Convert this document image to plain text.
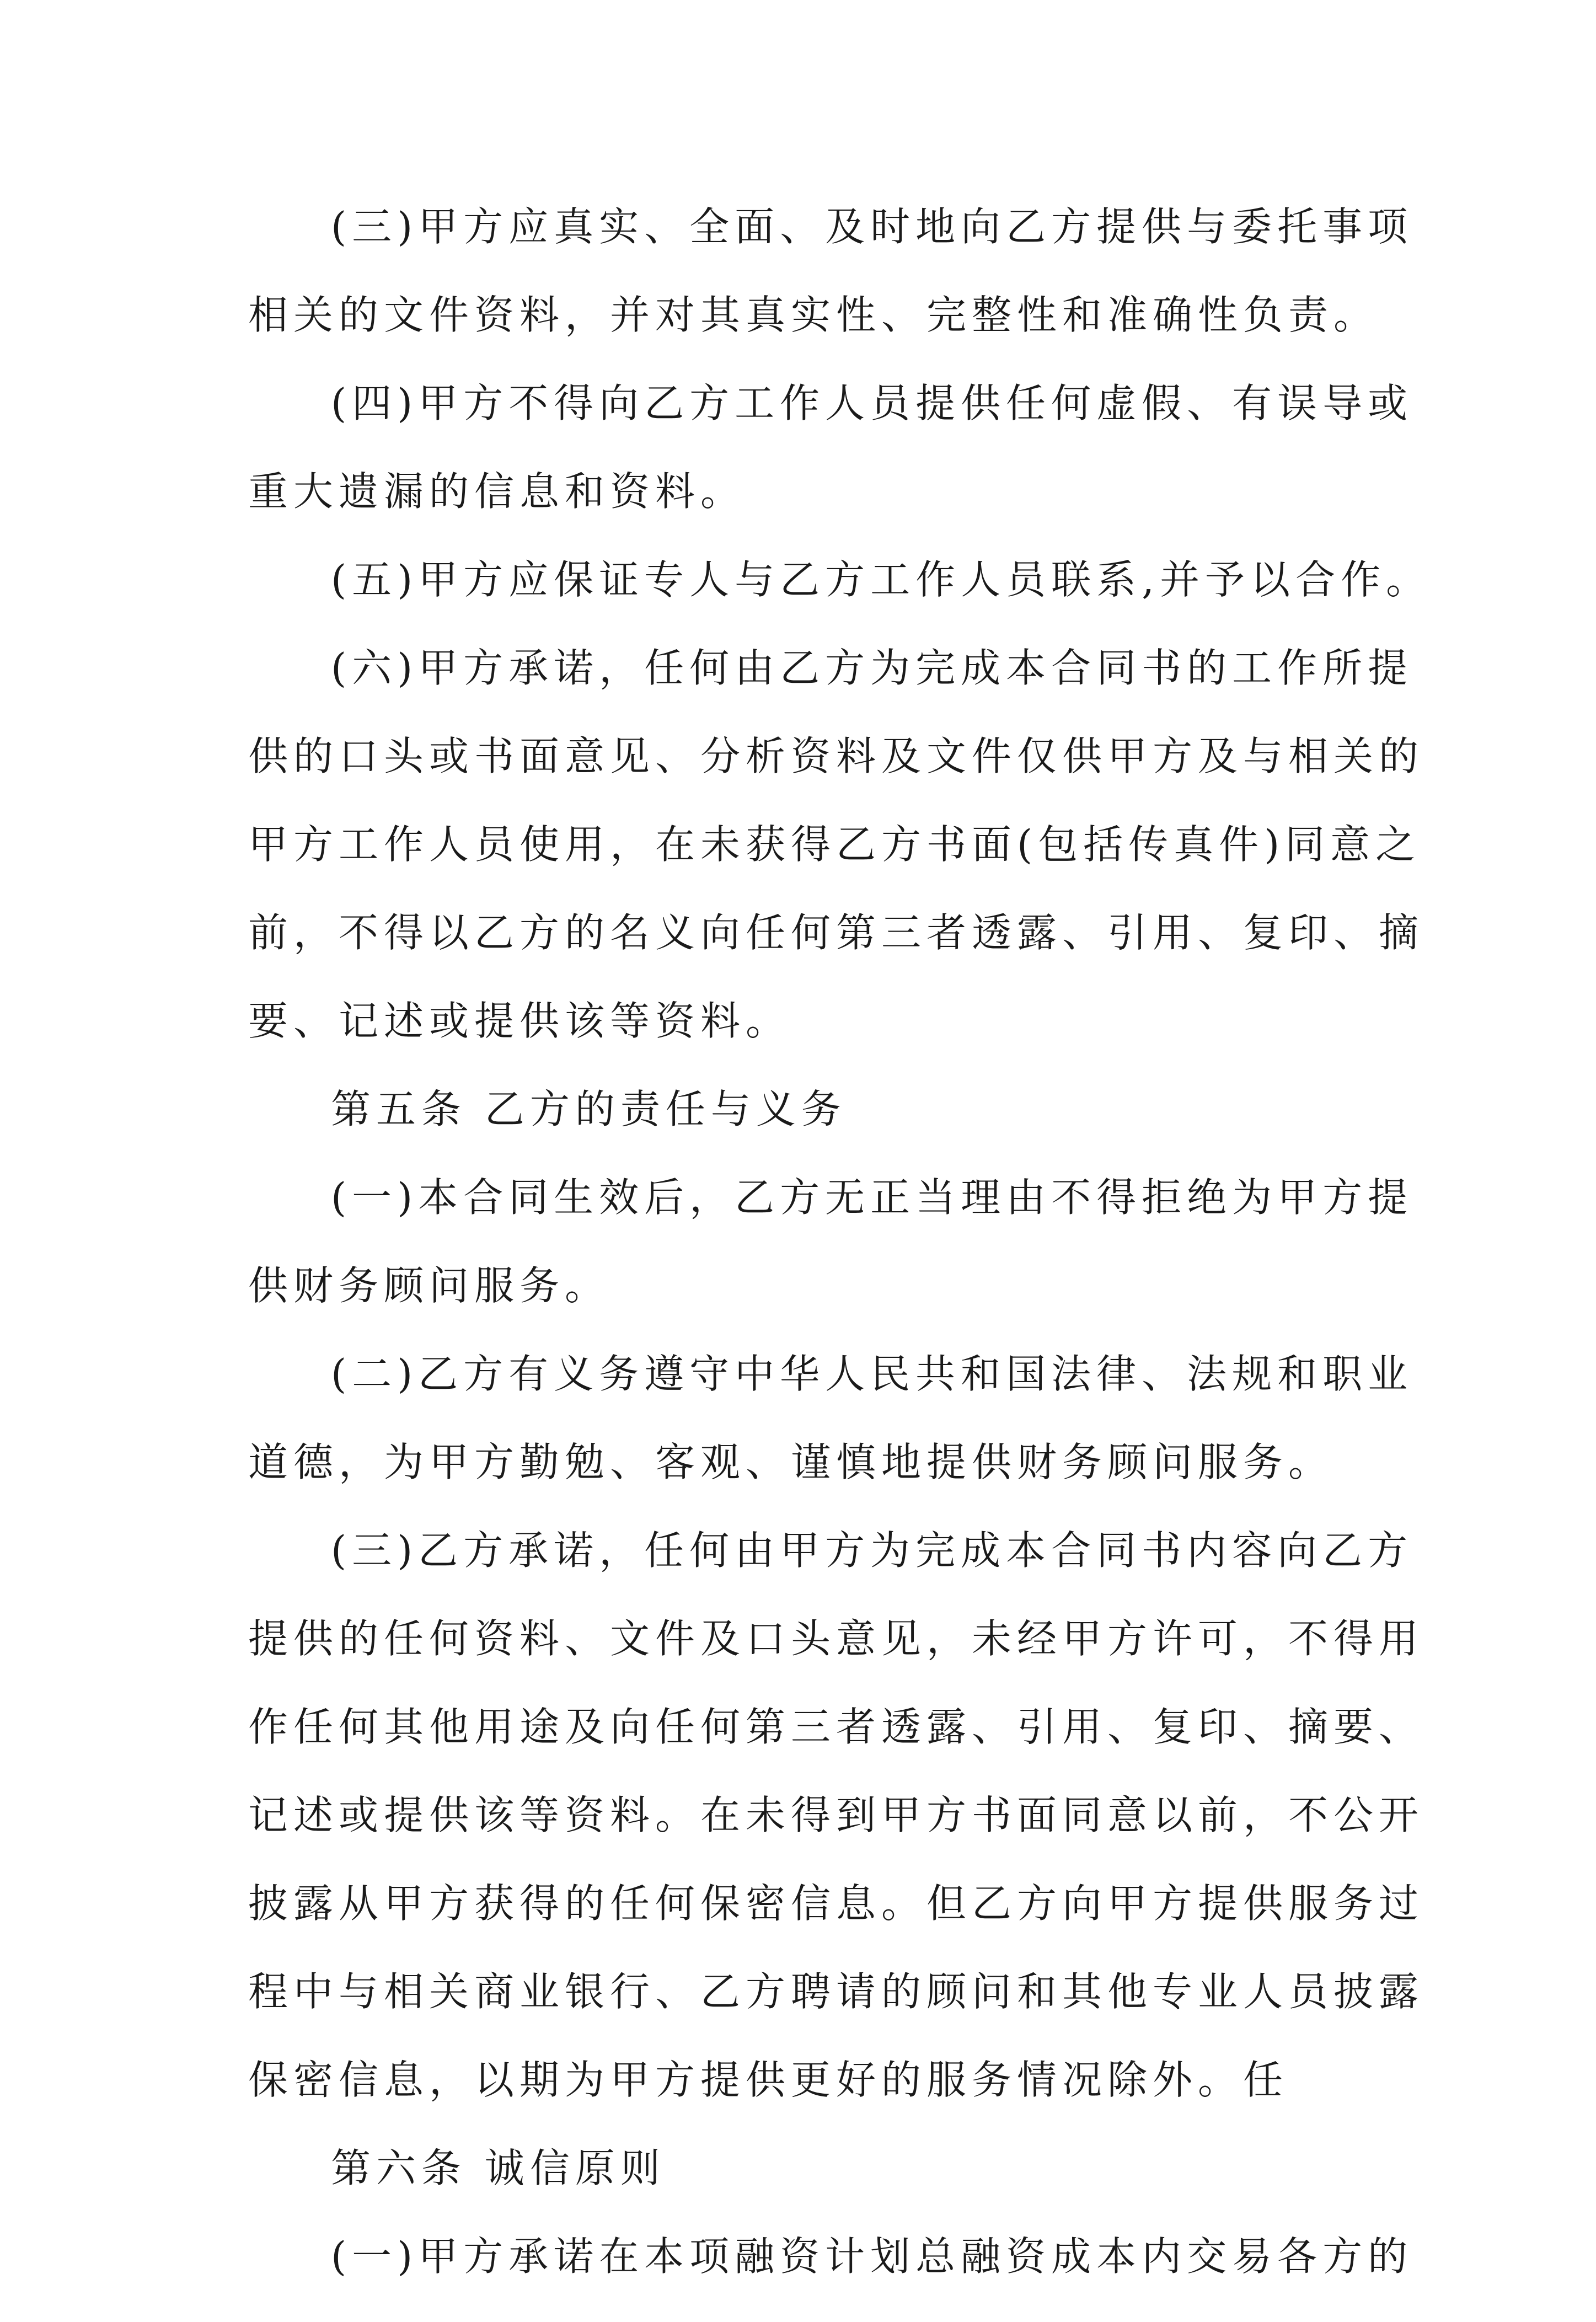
(三)甲方应真实、全面、及时地向乙方提供与委托事项
相关的文件资料，并对其真实性、完整性和准确性负责。
(四)甲方不得向乙方工作人员提供任何虚假、有误导或
重大遗漏的信息和资料。
(五)甲方应保证专人与乙方工作人员联系,并予以合作。
(六)甲方承诺，任何由乙方为完成本合同书的工作所提
供的口头或书面意见、分析资料及文件仅供甲方及与相关的
甲方工作人员使用，在未获得乙方书面(包括传真件)同意之
前，不得以乙方的名义向任何第三者透露、引用、复印、摘
要、记述或提供该等资料。
第五条 乙方的责任与义务
(一)本合同生效后，乙方无正当理由不得拒绝为甲方提
供财务顾问服务。
(二)乙方有义务遵守中华人民共和国法律、法规和职业
道德，为甲方勤勉、客观、谨慎地提供财务顾问服务。
(三)乙方承诺，任何由甲方为完成本合同书内容向乙方
提供的任何资料、文件及口头意见，未经甲方许可，不得用
作任何其他用途及向任何第三者透露、引用、复印、摘要、
记述或提供该等资料。在未得到甲方书面同意以前，不公开
披露从甲方获得的任何保密信息。但乙方向甲方提供服务过
程中与相关商业银行、乙方聘请的顾问和其他专业人员披露
保密信息，以期为甲方提供更好的服务情况除外。任
第六条 诚信原则
(一)甲方承诺在本项融资计划总融资成本内交易各方的
